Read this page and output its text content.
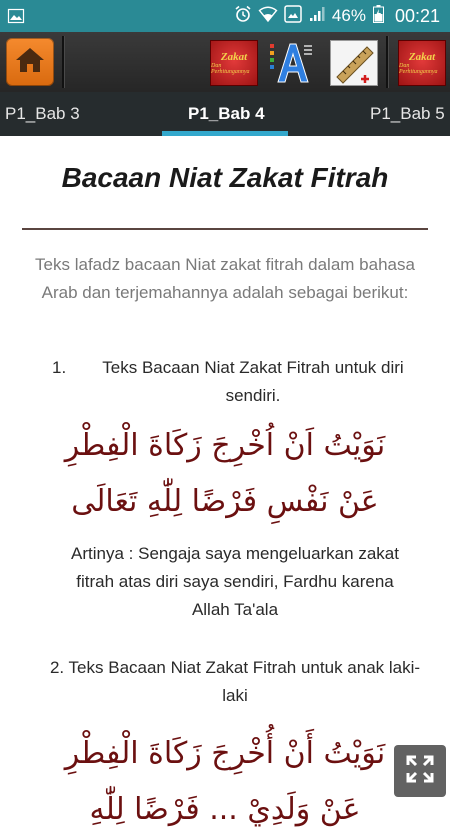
46% 00:21
Zakat
Dan Perhitungannya
Zakat
Dan Perhitungannya
P1_Bab 3	P1_Bab 4	P1_Bab 5
Bacaan Niat Zakat Fitrah
Teks lafadz bacaan Niat zakat fitrah dalam bahasa Arab dan terjemahannya adalah sebagai berikut:
1.	Teks Bacaan Niat Zakat Fitrah untuk diri sendiri.
نَوَيْتُ اَنْ اُخْرِجَ زَكَاةَ الْفِطْرِ
عَنْ نَفْسِ فَرْضًا لِلّٰهِ تَعَالَى
Artinya : Sengaja saya mengeluarkan zakat fitrah atas diri saya sendiri, Fardhu karena Allah Ta'ala
2. Teks Bacaan Niat Zakat Fitrah untuk anak laki-laki
نَوَيْتُ أَنْ أُخْرِجَ زَكَاةَ الْفِطْرِ
عَنْ وَلَدِيْ ... فَرْضًا لِلّٰهِ
